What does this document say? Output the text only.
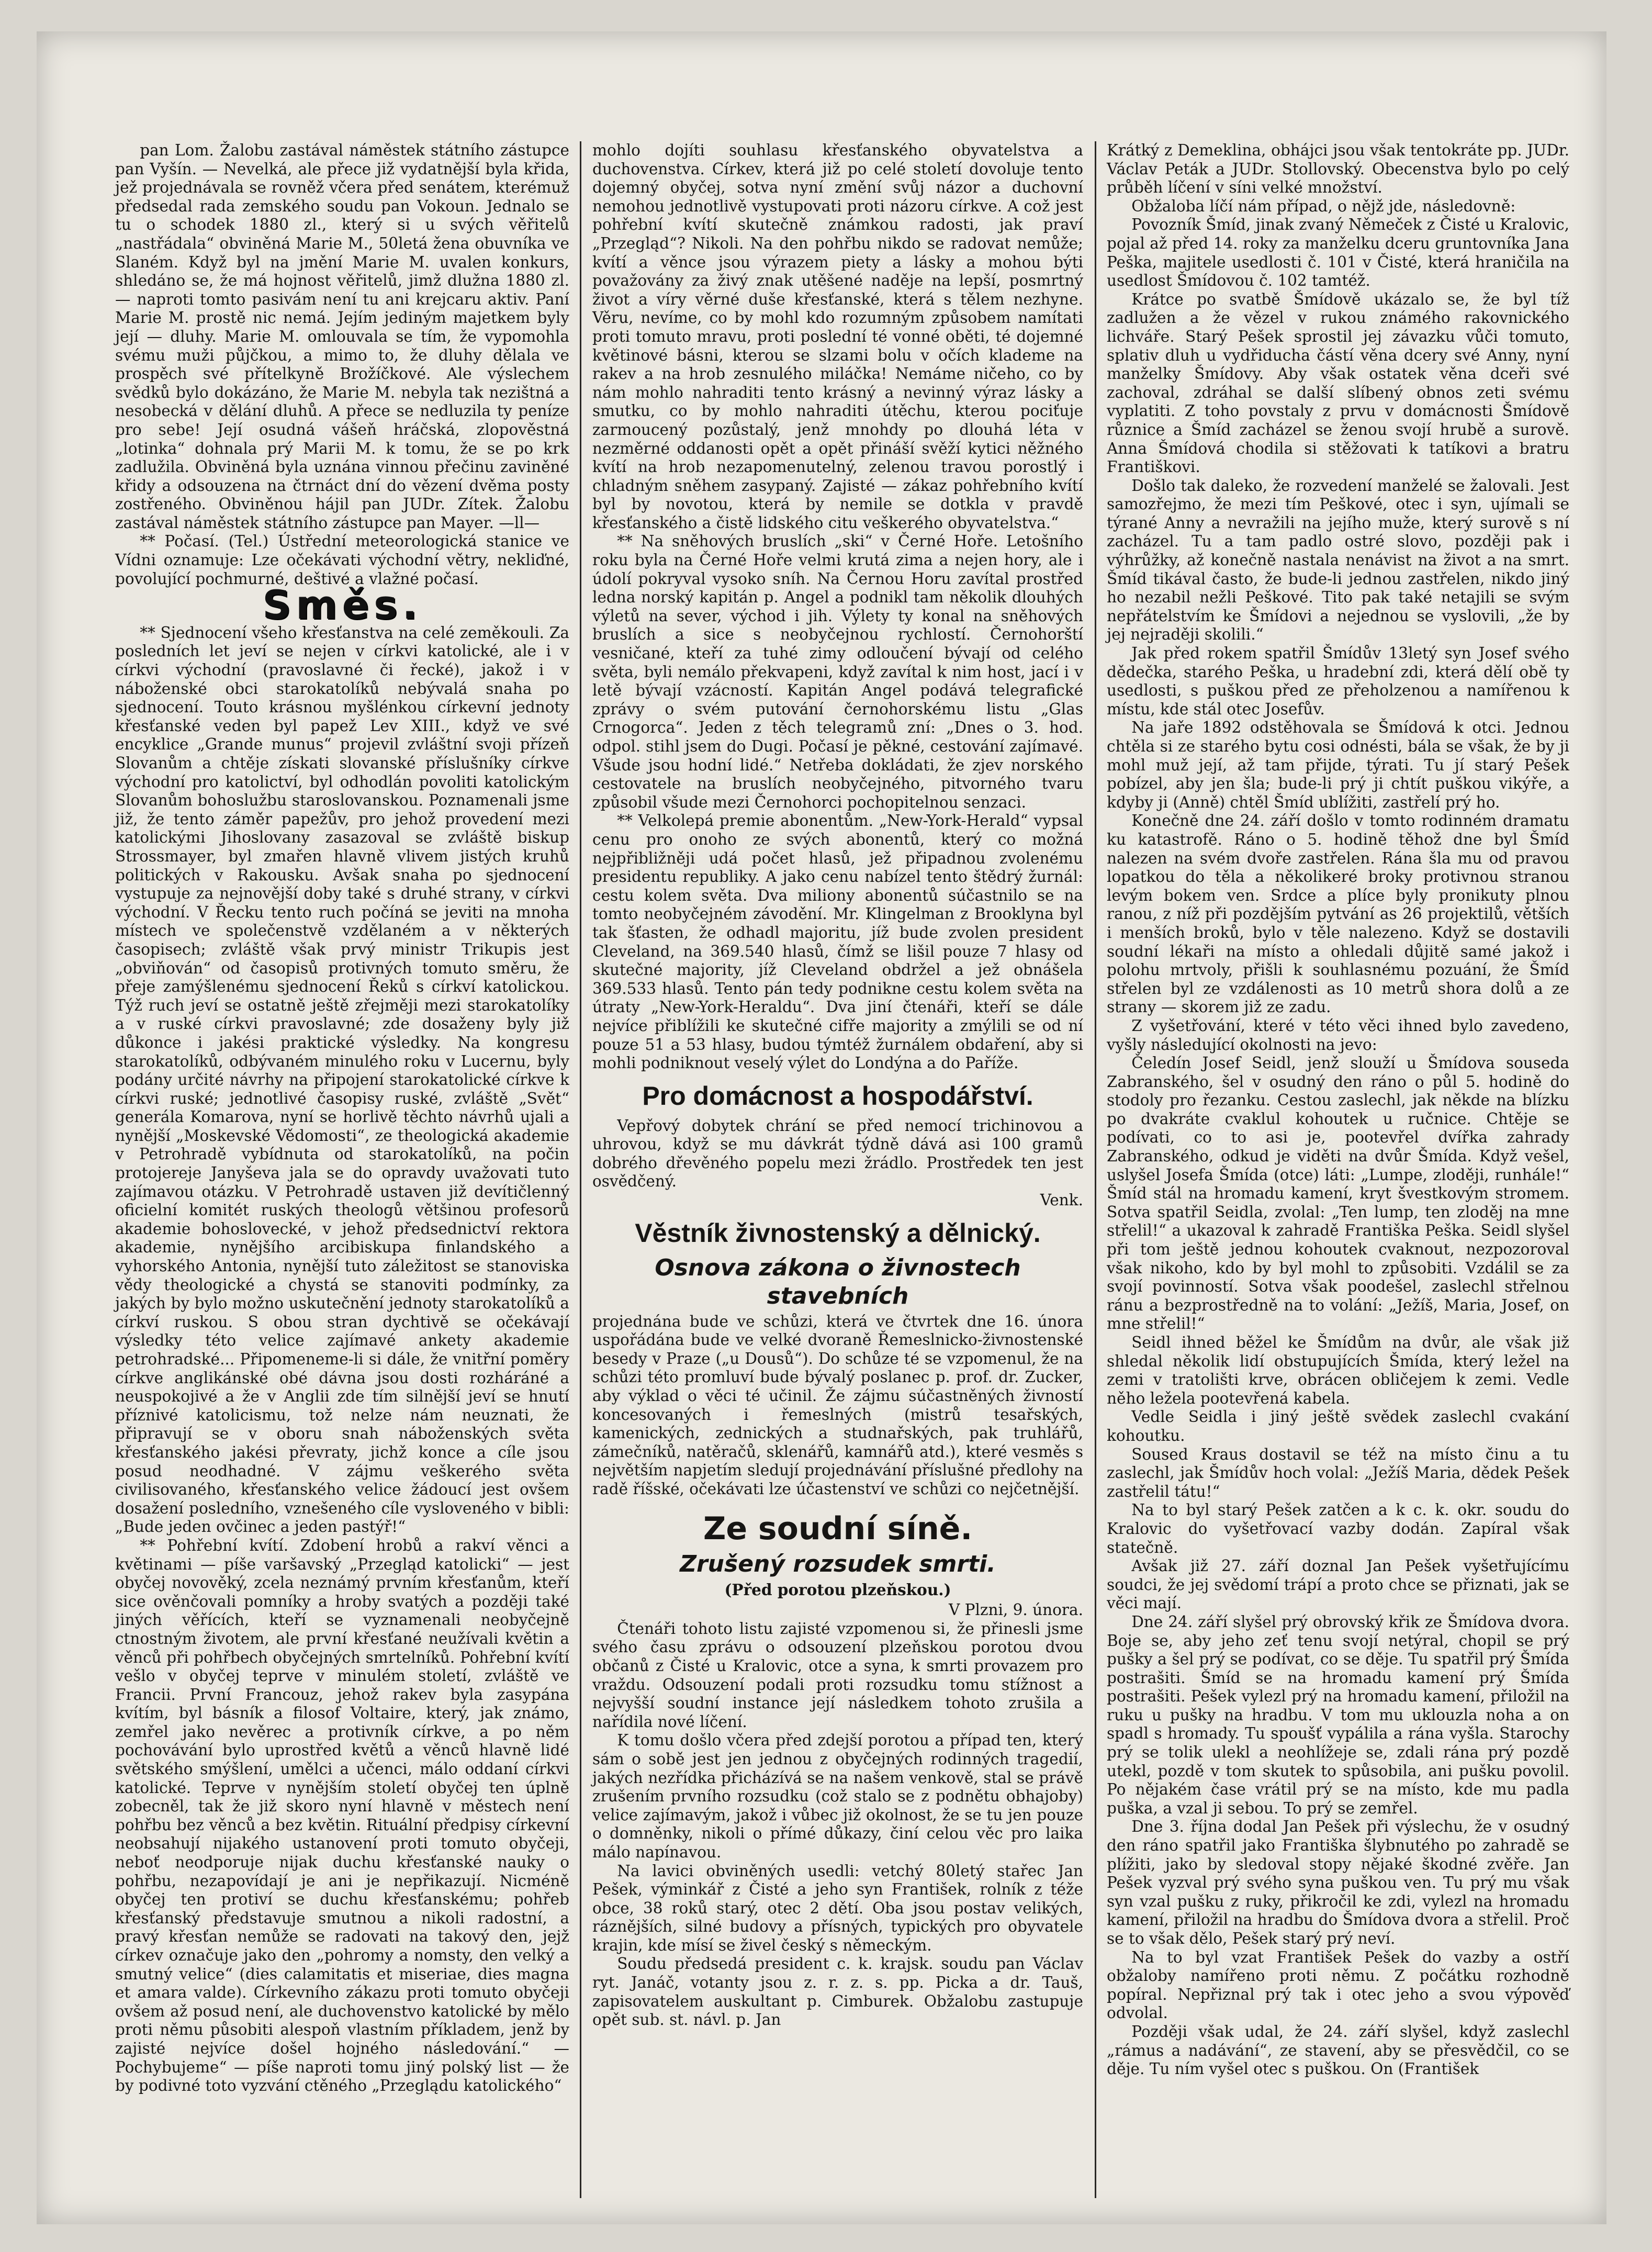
pan Lom. Žalobu zastával náměstek státního zástupce pan Vyšín. — Nevelká, ale přece již vydatnější byla křida, jež projednávala se rovněž včera před senátem, kterémuž předsedal rada zemského soudu pan Vokoun. Jednalo se tu o schodek 1880 zl., který si u svých věřitelů „nastřádala“ obviněná Marie M., 50letá žena obuvníka ve Slaném. Když byl na jmění Marie M. uvalen konkurs, shledáno se, že má hojnost věřitelů, jimž dlužna 1880 zl. — naproti tomto pasivám není tu ani krejcaru aktiv. Paní Marie M. prostě nic nemá. Jejím jediným majetkem byly její — dluhy. Marie M. omlouvala se tím, že vypomohla svému muži půjčkou, a mimo to, že dluhy dělala ve prospěch své přítelkyně Brožíčkové. Ale výslechem svědků bylo dokázáno, že Marie M. nebyla tak nezištná a nesobecká v dělání dluhů. A přece se nedluzila ty peníze pro sebe! Její osudná vášeň hráčská, zlopověstná „lotinka“ dohnala prý Marii M. k tomu, že se po krk zadlužila. Obviněná byla uznána vinnou přečinu zaviněné křidy a odsouzena na čtrnáct dní do vězení dvěma posty zostřeného. Obviněnou hájil pan JUDr. Zítek. Žalobu zastával náměstek státního zástupce pan Mayer. —ll—

** Počasí. (Tel.) Ústřední meteorologická stanice ve Vídni oznamuje: Lze očekávati východní větry, nekliďné, povolující pochmurné, deštivé a vlažné počasí.

Směs.

** Sjednocení všeho křesťanstva na celé zeměkouli. Za posledních let jeví se nejen v církvi katolické, ale i v církvi východní (pravoslavné či řecké), jakož i v náboženské obci starokatolíků nebývalá snaha po sjednocení. Touto krásnou myšlénkou církevní jednoty křesťanské veden byl papež Lev XIII., když ve své encyklice „Grande munus“ projevil zvláštní svoji přízeň Slovanům a chtěje získati slovanské příslušníky církve východní pro katolictví, byl odhodlán povoliti katolickým Slovanům bohoslužbu staroslovanskou. Poznamenali jsme již, že tento záměr papežův, pro jehož provedení mezi katolickými Jihoslovany zasazoval se zvláště biskup Strossmayer, byl zmařen hlavně vlivem jistých kruhů politických v Rakousku. Avšak snaha po sjednocení vystupuje za nejnovější doby také s druhé strany, v církvi východní. V Řecku tento ruch počíná se jeviti na mnoha místech ve společenstvě vzdělaném a v některých časopisech; zvláště však prvý ministr Trikupis jest „obviňován“ od časopisů protivných tomuto směru, že přeje zamýšlenému sjednocení Řeků s církví katolickou. Týž ruch jeví se ostatně ještě zřejměji mezi starokatolíky a v ruské církvi pravoslavné; zde dosaženy byly již důkonce i jakési praktické výsledky. Na kongresu starokatolíků, odbývaném minulého roku v Lucernu, byly podány určité návrhy na připojení starokatolické církve k církvi ruské; jednotlivé časopisy ruské, zvláště „Svět“ generála Komarova, nyní se horlivě těchto návrhů ujali a nynější „Moskevské Vědomosti“, ze theologická akademie v Petrohradě vybídnuta od starokatolíků, na počin protojereje Janyševa jala se do opravdy uvažovati tuto zajímavou otázku. V Petrohradě ustaven již devítičlenný oficielní komitét ruských theologů většinou profesorů akademie bohoslovecké, v jehož předsednictví rektora akademie, nynějšího arcibiskupa finlandského a vyhorského Antonia, nynější tuto záležitost se stanoviska vědy theologické a chystá se stanoviti podmínky, za jakých by bylo možno uskutečnění jednoty starokatolíků a církví ruskou. S obou stran dychtivě se očekávají výsledky této velice zajímavé ankety akademie petrohradské... Připomeneme-li si dále, že vnitřní poměry církve anglikánské obé dávna jsou dosti rozháráné a neuspokojivé a že v Anglii zde tím silnější jeví se hnutí příznivé katolicismu, tož nelze nám neuznati, že připravují se v oboru snah náboženských světa křesťanského jakési převraty, jichž konce a cíle jsou posud neodhadné. V zájmu veškerého světa civilisovaného, křesťanského velice žádoucí jest ovšem dosažení posledního, vznešeného cíle vysloveného v bibli: „Bude jeden ovčinec a jeden pastýř!“

** Pohřební kvítí. Zdobení hrobů a rakví věnci a květinami — píše varšavský „Przegląd katolicki“ — jest obyčej novověký, zcela neznámý prvním křesťanům, kteří sice ověnčovali pomníky a hroby svatých a později také jiných věřících, kteří se vyznamenali neobyčejně ctnostným životem, ale první křesťané neužívali květin a věnců při pohřbech obyčejných smrtelníků. Pohřební kvítí vešlo v obyčej teprve v minulém století, zvláště ve Francii. První Francouz, jehož rakev byla zasypána kvítím, byl básník a filosof Voltaire, který, jak známo, zemřel jako nevěrec a protivník církve, a po něm pochovávání bylo uprostřed květů a věnců hlavně lidé světského smýšlení, umělci a učenci, málo oddaní církvi katolické. Teprve v nynějším století obyčej ten úplně zobecněl, tak že již skoro nyní hlavně v městech není pohřbu bez věnců a bez květin. Rituální předpisy církevní neobsahují nijakého ustanovení proti tomuto obyčeji, neboť neodporuje nijak duchu křesťanské nauky o pohřbu, nezapovídají je ani je nepřikazují. Nicméně obyčej ten protiví se duchu křesťanskému; pohřeb křesťanský představuje smutnou a nikoli radostní, a pravý křesťan nemůže se radovati na takový den, jejž církev označuje jako den „pohromy a nomsty, den velký a smutný velice“ (dies calamitatis et miseriae, dies magna et amara valde). Církevního zákazu proti tomuto obyčeji ovšem až posud není, ale duchovenstvo katolické by mělo proti němu působiti alespoň vlastním příkladem, jenž by zajisté nejvíce došel hojného následování.“ — Pochybujeme“ — píše naproti tomu jiný polský list — že by podivné toto vyzvání ctěného „Przeglądu katolického“

mohlo dojíti souhlasu křesťanského obyvatelstva a duchovenstva. Církev, která již po celé století dovoluje tento dojemný obyčej, sotva nyní změní svůj názor a duchovní nemohou jednotlivě vystupovati proti názoru církve. A což jest pohřební kvítí skutečně známkou radosti, jak praví „Przegląd“? Nikoli. Na den pohřbu nikdo se radovat nemůže; kvítí a věnce jsou výrazem piety a lásky a mohou býti považovány za živý znak utěšené naděje na lepší, posmrtný život a víry věrné duše křesťanské, která s tělem nezhyne. Věru, nevíme, co by mohl kdo rozumným způsobem namítati proti tomuto mravu, proti poslední té vonné oběti, té dojemné květinové básni, kterou se slzami bolu v očích klademe na rakev a na hrob zesnulého miláčka! Nemáme ničeho, co by nám mohlo nahraditi tento krásný a nevinný výraz lásky a smutku, co by mohlo nahraditi útěchu, kterou pociťuje zarmoucený pozůstalý, jenž mnohdy po dlouhá léta v nezměrné oddanosti opět a opět přináší svěží kytici něžného kvítí na hrob nezapomenutelný, zelenou travou porostlý i chladným sněhem zasypaný. Zajisté — zákaz pohřebního kvítí byl by novotou, která by nemile se dotkla v pravdě křesťanského a čistě lidského citu veškerého obyvatelstva.“

** Na sněhových bruslích „ski“ v Černé Hoře. Letošního roku byla na Černé Hoře velmi krutá zima a nejen hory, ale i údolí pokryval vysoko sníh. Na Černou Horu zavítal prostřed ledna norský kapitán p. Angel a podnikl tam několik dlouhých výletů na sever, východ i jih. Výlety ty konal na sněhových bruslích a sice s neobyčejnou rychlostí. Černohorští vesničané, kteří za tuhé zimy odloučení bývají od celého světa, byli nemálo překvapeni, když zavítal k nim host, jací i v letě bývají vzácností. Kapitán Angel podává telegrafické zprávy o svém putování černohorskému listu „Glas Crnogorca“. Jeden z těch telegramů zní: „Dnes o 3. hod. odpol. stihl jsem do Dugi. Počasí je pěkné, cestování zajímavé. Všude jsou hodní lidé.“ Netřeba dokládati, že zjev norského cestovatele na bruslích neobyčejného, pitvorného tvaru způsobil všude mezi Černohorci pochopitelnou senzaci.

** Velkolepá premie abonentům. „New-York-Herald“ vypsal cenu pro onoho ze svých abonentů, který co možná nejpřibližněji udá počet hlasů, jež připadnou zvolenému presidentu republiky. A jako cenu nabízel tento štědrý žurnál: cestu kolem světa. Dva miliony abonentů súčastnilo se na tomto neobyčejném závodění. Mr. Klingelman z Brooklyna byl tak šťasten, že odhadl majoritu, jíž bude zvolen president Cleveland, na 369.540 hlasů, čímž se lišil pouze 7 hlasy od skutečné majority, jíž Cleveland obdržel a jež obnášela 369.533 hlasů. Tento pán tedy podnikne cestu kolem světa na útraty „New-York-Heraldu“. Dva jiní čtenáři, kteří se dále nejvíce přiblížili ke skutečné cifře majority a zmýlili se od ní pouze 51 a 53 hlasy, budou týmtéž žurnálem obdaření, aby si mohli podniknout veselý výlet do Londýna a do Paříže.

Pro domácnost a hospodářství.

Vepřový dobytek chrání se před nemocí trichinovou a uhrovou, když se mu dávkrát týdně dává asi 100 gramů dobrého dřevěného popelu mezi žrádlo. Prostředek ten jest osvědčený.

Venk.
Věstník živnostenský a dělnický.
Osnova zákona o živnostech stavebních

projednána bude ve schůzi, která ve čtvrtek dne 16. února uspořádána bude ve velké dvoraně Řemeslnicko-živnostenské besedy v Praze („u Dousů“). Do schůze té se vzpomenul, že na schůzi této promluví bude bývalý poslanec p. prof. dr. Zucker, aby výklad o věci té učinil. Že zájmu súčastněných živností koncesovaných i řemeslných (mistrů tesařských, kamenických, zednických a studnařských, pak truhlářů, zámečníků, natěračů, sklenářů, kamnářů atd.), které vesměs s největším napjetím sledují projednávání příslušné předlohy na radě říšské, očekávati lze účastenství ve schůzi co nejčetnější.

Ze soudní síně.
Zrušený rozsudek smrti.
(Před porotou plzeňskou.)
V Plzni, 9. února.

Čtenáři tohoto listu zajisté vzpomenou si, že přinesli jsme svého času zprávu o odsouzení plzeňskou porotou dvou občanů z Čisté u Kralovic, otce a syna, k smrti provazem pro vraždu. Odsouzení podali proti rozsudku tomu stížnost a nejvyšší soudní instance její následkem tohoto zrušila a nařídila nové líčení.

K tomu došlo včera před zdejší porotou a případ ten, který sám o sobě jest jen jednou z obyčejných rodinných tragedií, jakých nezřídka přicházívá se na našem venkově, stal se právě zrušením prvního rozsudku (což stalo se z podnětu obhajoby) velice zajímavým, jakož i vůbec již okolnost, že se tu jen pouze o domněnky, nikoli o přímé důkazy, činí celou věc pro laika málo napínavou.

Na lavici obviněných usedli: vetchý 80letý stařec Jan Pešek, výminkář z Čisté a jeho syn František, rolník z téže obce, 38 roků starý, otec 2 dětí. Oba jsou postav velikých, ráznějších, silné budovy a přísných, typických pro obyvatele krajin, kde mísí se živel český s německým.

Soudu předsedá president c. k. krajsk. soudu pan Václav ryt. Janáč, votanty jsou z. r. z. s. pp. Picka a dr. Tauš, zapisovatelem auskultant p. Cimburek. Obžalobu zastupuje opět sub. st. návl. p. Jan

Krátký z Demeklina, obhájci jsou však tentokráte pp. JUDr. Václav Peták a JUDr. Stollovský. Obecenstva bylo po celý průběh líčení v síni velké množství.

Obžaloba líčí nám případ, o nějž jde, následovně:

Povozník Šmíd, jinak zvaný Němeček z Čisté u Kralovic, pojal až před 14. roky za manželku dceru gruntovníka Jana Peška, majitele usedlosti č. 101 v Čisté, která hraničila na usedlost Šmídovou č. 102 tamtéž.

Krátce po svatbě Šmídově ukázalo se, že byl tíž zadlužen a že vězel v rukou známého rakovnického lichváře. Starý Pešek sprostil jej závazku vůči tomuto, splativ dluh u vydřiducha částí věna dcery své Anny, nyní manželky Šmídovy. Aby však ostatek věna dceři své zachoval, zdráhal se další slíbený obnos zeti svému vyplatiti. Z toho povstaly z prvu v domácnosti Šmídově různice a Šmíd zacházel se ženou svojí hrubě a surově. Anna Šmídová chodila si stěžovati k tatíkovi a bratru Františkovi.

Došlo tak daleko, že rozvedení manželé se žalovali. Jest samozřejmo, že mezi tím Peškové, otec i syn, ujímali se týrané Anny a nevražili na jejího muže, který surově s ní zacházel. Tu a tam padlo ostré slovo, později pak i výhrůžky, až konečně nastala nenávist na život a na smrt. Šmíd tikával často, že bude-li jednou zastřelen, nikdo jiný ho nezabil nežli Peškové. Tito pak také netajili se svým nepřátelstvím ke Šmídovi a nejednou se vyslovili, „že by jej nejraději skolili.“

Jak před rokem spatřil Šmídův 13letý syn Josef svého dědečka, starého Peška, u hradební zdi, která dělí obě ty usedlosti, s puškou před ze přeholzenou a namířenou k místu, kde stál otec Josefův.

Na jaře 1892 odstěhovala se Šmídová k otci. Jednou chtěla si ze starého bytu cosi odnésti, bála se však, že by ji mohl muž její, až tam přijde, týrati. Tu jí starý Pešek pobízel, aby jen šla; bude-li prý ji chtít puškou vikýře, a kdyby ji (Anně) chtěl Šmíd ublížiti, zastřelí prý ho.

Konečně dne 24. září došlo v tomto rodinném dramatu ku katastrofě. Ráno o 5. hodině těhož dne byl Šmíd nalezen na svém dvoře zastřelen. Rána šla mu od pravou lopatkou do těla a několikeré broky protivnou stranou levým bokem ven. Srdce a plíce byly pronikuty plnou ranou, z níž při pozdějším pytvání as 26 projektilů, větších i menších broků, bylo v těle nalezeno. Když se dostavili soudní lékaři na místo a ohledali důjitě samé jakož i polohu mrtvoly, přišli k souhlasnému pozuání, že Šmíd střelen byl ze vzdálenosti as 10 metrů shora dolů a ze strany — skorem již ze zadu.

Z vyšetřování, které v této věci ihned bylo zavedeno, vyšly následující okolnosti na jevo:

Čeledín Josef Seidl, jenž slouží u Šmídova souseda Zabranského, šel v osudný den ráno o půl 5. hodině do stodoly pro řezanku. Cestou zaslechl, jak někde na blízku po dvakráte cvaklul kohoutek u ručnice. Chtěje se podívati, co to asi je, pootevřel dvířka zahrady Zabranského, odkud je viděti na dvůr Šmída. Když vešel, uslyšel Josefa Šmída (otce) láti: „Lumpe, zloději, runhále!“ Šmíd stál na hromadu kamení, kryt švestkovým stromem. Sotva spatřil Seidla, zvolal: „Ten lump, ten zloděj na mne střelil!“ a ukazoval k zahradě Františka Peška. Seidl slyšel při tom ještě jednou kohoutek cvaknout, nezpozoroval však nikoho, kdo by byl mohl to způsobiti. Vzdálil se za svojí povinností. Sotva však poodešel, zaslechl střelnou ránu a bezprostředně na to volání: „Ježíš, Maria, Josef, on mne střelil!“

Seidl ihned běžel ke Šmídům na dvůr, ale však již shledal několik lidí obstupujících Šmída, který ležel na zemi v tratolišti krve, obrácen obličejem k zemi. Vedle něho ležela pootevřená kabela.

Vedle Seidla i jiný ještě svědek zaslechl cvakání kohoutku.

Soused Kraus dostavil se též na místo činu a tu zaslechl, jak Šmídův hoch volal: „Ježíš Maria, dědek Pešek zastřelil tátu!“

Na to byl starý Pešek zatčen a k c. k. okr. soudu do Kralovic do vyšetřovací vazby dodán. Zapíral však statečně.

Avšak již 27. září doznal Jan Pešek vyšetřujícímu soudci, že jej svědomí trápí a proto chce se přiznati, jak se věci mají.

Dne 24. září slyšel prý obrovský křik ze Šmídova dvora. Boje se, aby jeho zeť tenu svojí netýral, chopil se prý pušky a šel prý se podívat, co se děje. Tu spatřil prý Šmída postrašiti. Šmíd se na hromadu kamení prý Šmída postrašiti. Pešek vylezl prý na hromadu kamení, přiložil na ruku u pušky na hradbu. V tom mu uklouzla noha a on spadl s hromady. Tu spoušť vypálila a rána vyšla. Starochy prý se tolik ulekl a neohlížeje se, zdali rána prý pozdě utekl, pozdě v tom skutek to spůsobila, ani pušku povolil. Po nějakém čase vrátil prý se na místo, kde mu padla puška, a vzal ji sebou. To prý se zemřel.

Dne 3. října dodal Jan Pešek při výslechu, že v osudný den ráno spatřil jako Františka šlybnutého po zahradě se plížiti, jako by sledoval stopy nějaké škodné zvěře. Jan Pešek vyzval prý svého syna puškou ven. Tu prý mu však syn vzal pušku z ruky, přikročil ke zdi, vylezl na hromadu kamení, přiložil na hradbu do Šmídova dvora a střelil. Proč se to však dělo, Pešek starý prý neví.

Na to byl vzat František Pešek do vazby a ostří obžaloby namířeno proti němu. Z počátku rozhodně popíral. Nepřiznal prý tak i otec jeho a svou výpověď odvolal.

Později však udal, že 24. září slyšel, když zaslechl „rámus a nadávání“, ze stavení, aby se přesvědčil, co se děje. Tu ním vyšel otec s puškou. On (František
